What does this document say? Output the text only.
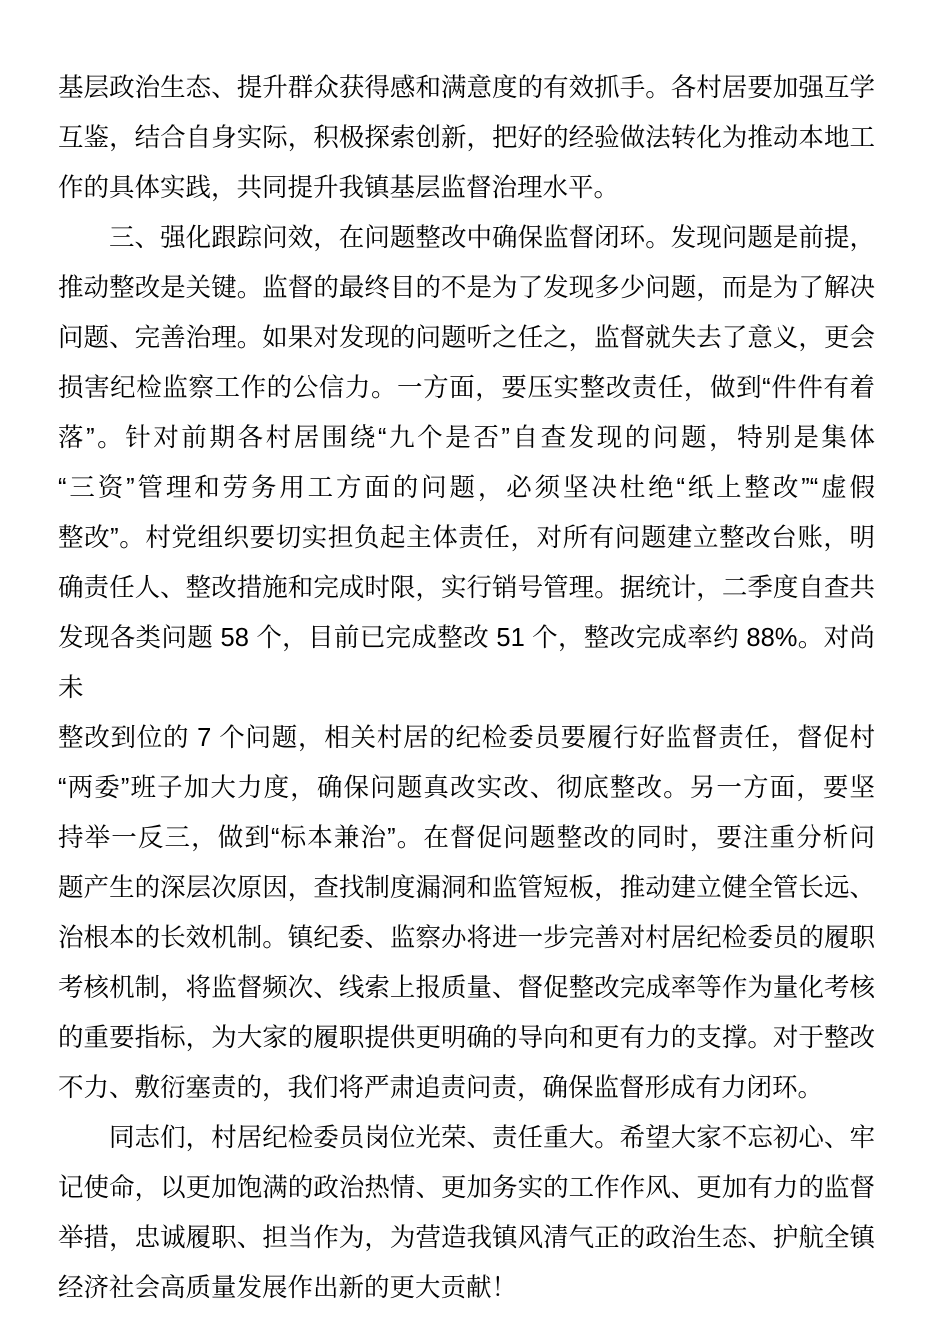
基层政治生态、提升群众获得感和满意度的有效抓手。各村居要加强互学
互鉴，结合自身实际，积极探索创新，把好的经验做法转化为推动本地工
作的具体实践，共同提升我镇基层监督治理水平。
三、强化跟踪问效，在问题整改中确保监督闭环。发现问题是前提，
推动整改是关键。监督的最终目的不是为了发现多少问题，而是为了解决
问题、完善治理。如果对发现的问题听之任之，监督就失去了意义，更会
损害纪检监察工作的公信力。一方面，要压实整改责任，做到“件件有着
落”。针对前期各村居围绕“九个是否”自查发现的问题，特别是集体
“三资”管理和劳务用工方面的问题，必须坚决杜绝“纸上整改”“虚假
整改”。村党组织要切实担负起主体责任，对所有问题建立整改台账，明
确责任人、整改措施和完成时限，实行销号管理。据统计，二季度自查共
发现各类问题 58 个，目前已完成整改 51 个，整改完成率约 88%。对尚未
整改到位的 7 个问题，相关村居的纪检委员要履行好监督责任，督促村
“两委”班子加大力度，确保问题真改实改、彻底整改。另一方面，要坚
持举一反三，做到“标本兼治”。在督促问题整改的同时，要注重分析问
题产生的深层次原因，查找制度漏洞和监管短板，推动建立健全管长远、
治根本的长效机制。镇纪委、监察办将进一步完善对村居纪检委员的履职
考核机制，将监督频次、线索上报质量、督促整改完成率等作为量化考核
的重要指标，为大家的履职提供更明确的导向和更有力的支撑。对于整改
不力、敷衍塞责的，我们将严肃追责问责，确保监督形成有力闭环。
同志们，村居纪检委员岗位光荣、责任重大。希望大家不忘初心、牢
记使命，以更加饱满的政治热情、更加务实的工作作风、更加有力的监督
举措，忠诚履职、担当作为，为营造我镇风清气正的政治生态、护航全镇
经济社会高质量发展作出新的更大贡献！
